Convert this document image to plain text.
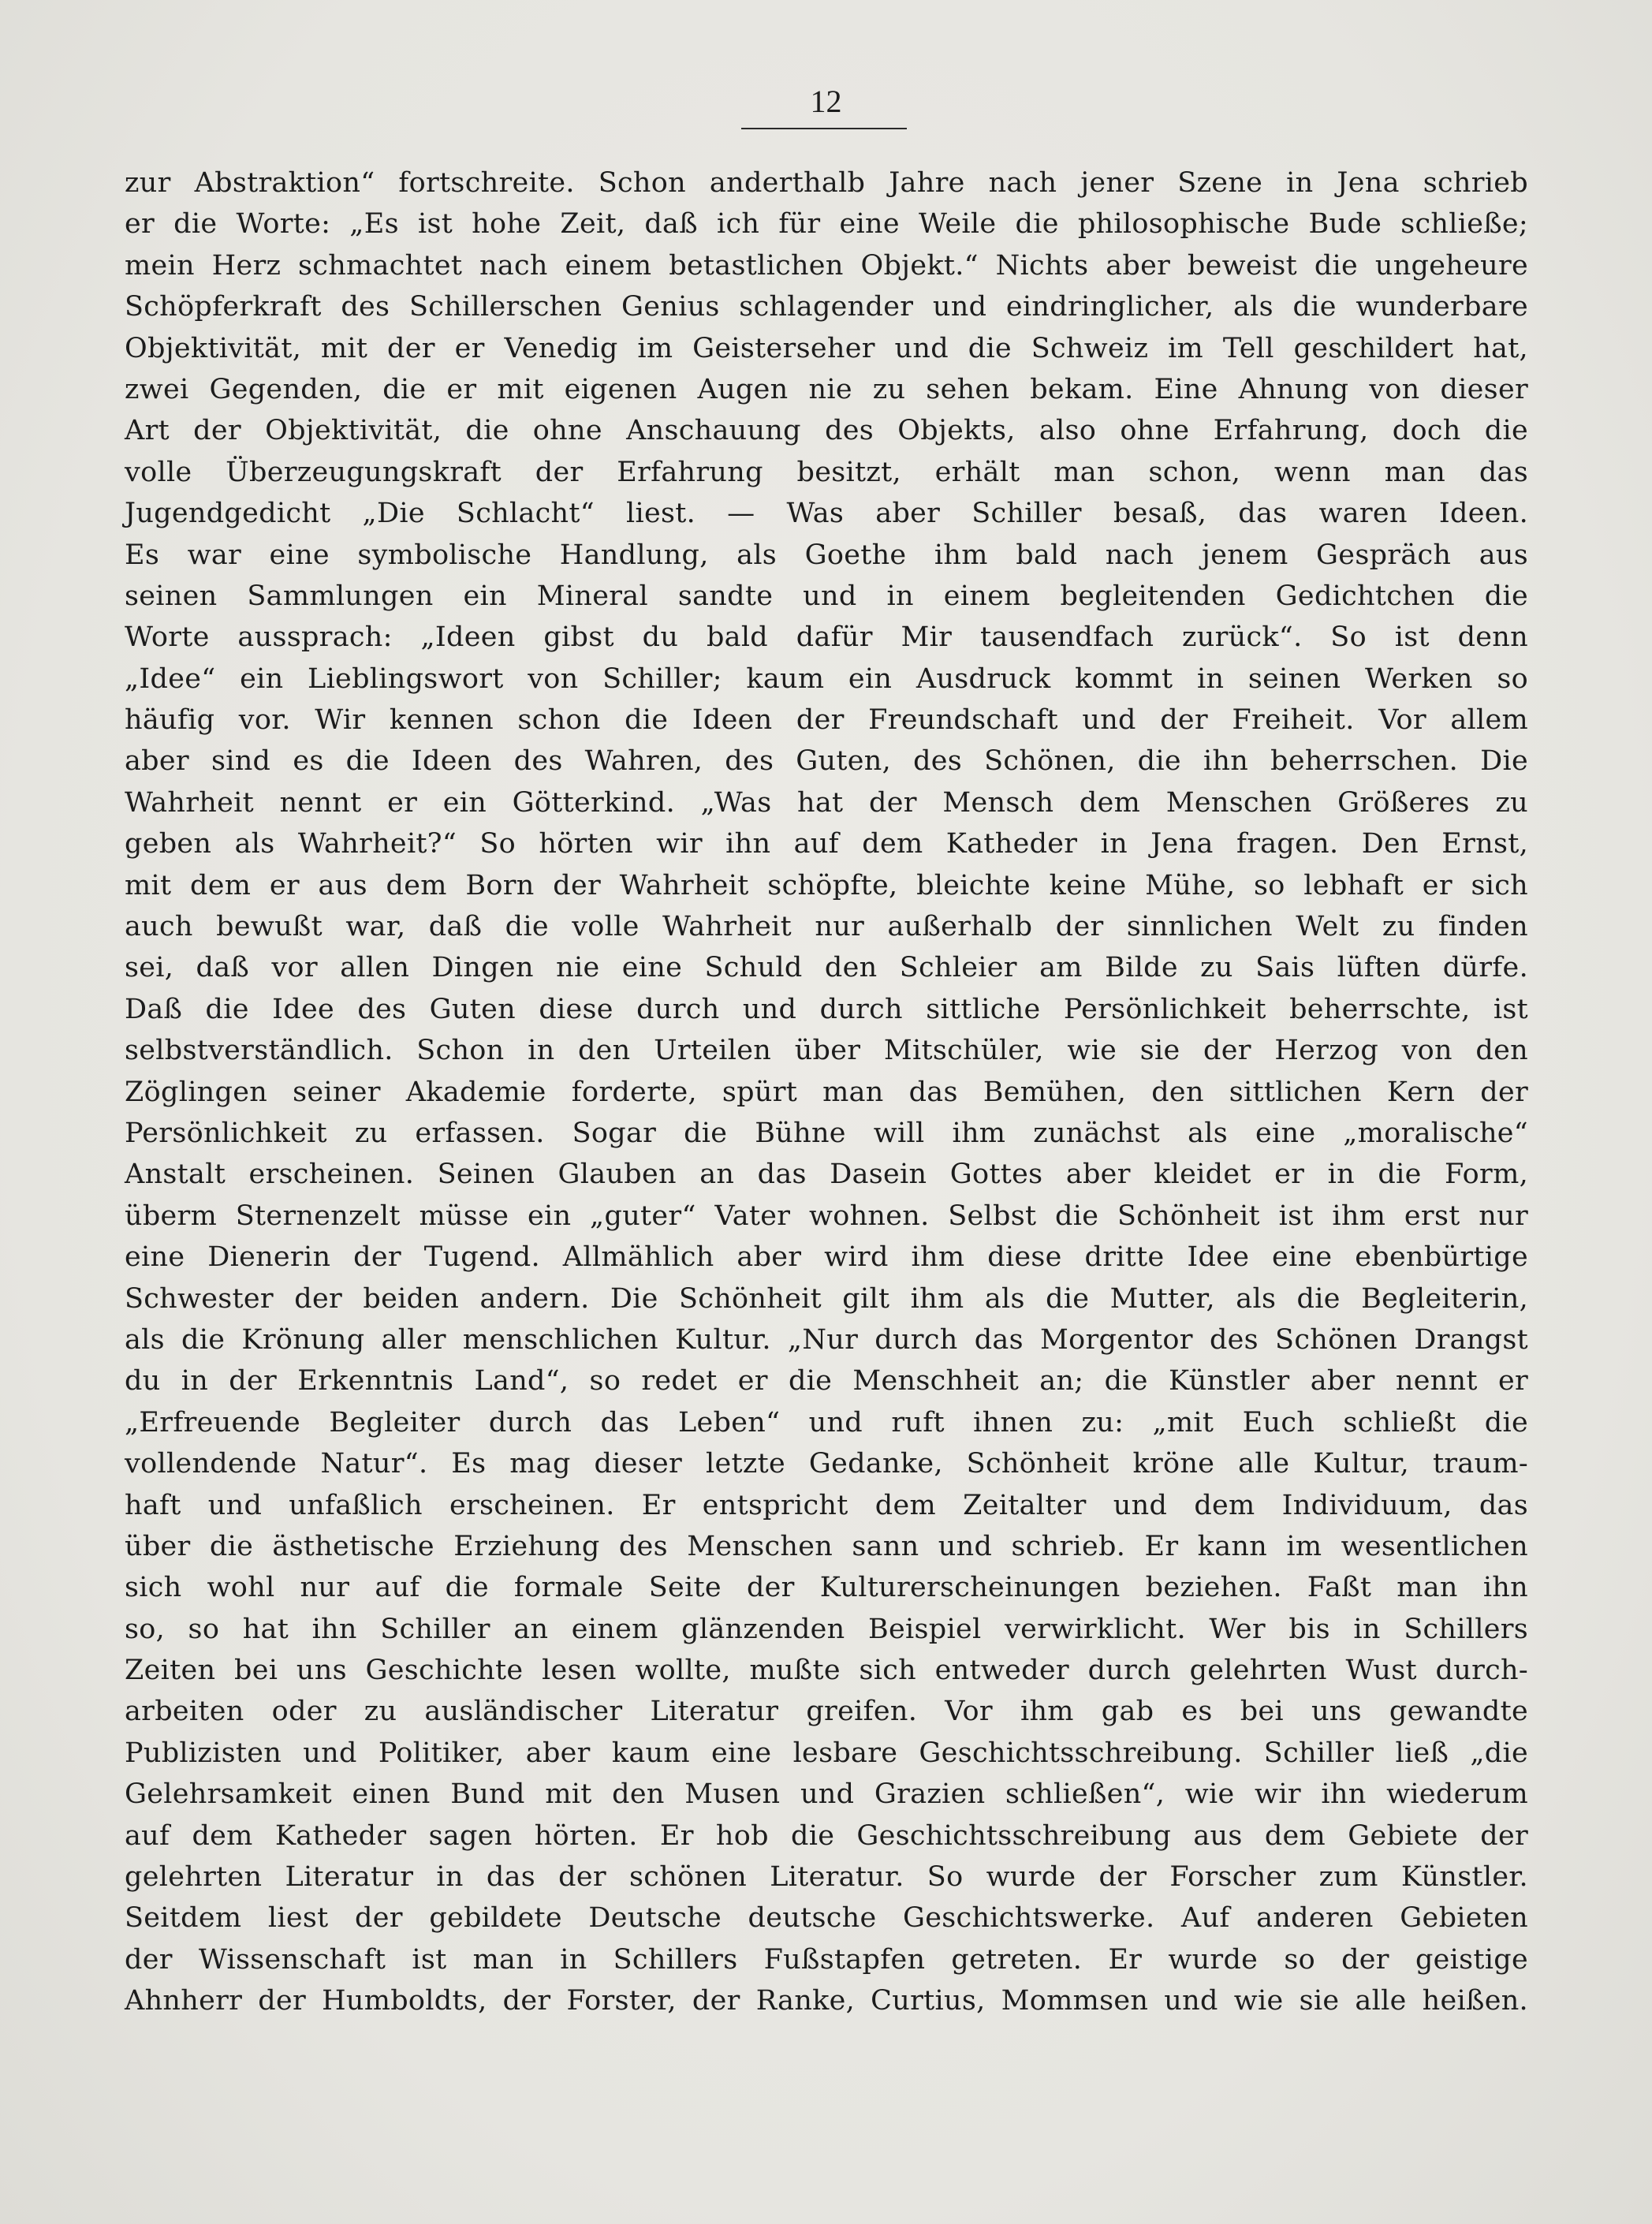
12
zur Abstraktion“ fortschreite. Schon anderthalb Jahre nach jener Szene in Jena schrieb
er die Worte: „Es ist hohe Zeit, daß ich für eine Weile die philosophische Bude schließe;
mein Herz schmachtet nach einem betastlichen Objekt.“ Nichts aber beweist die ungeheure
Schöpferkraft des Schillerschen Genius schlagender und eindringlicher, als die wunderbare
Objektivität, mit der er Venedig im Geisterseher und die Schweiz im Tell geschildert hat,
zwei Gegenden, die er mit eigenen Augen nie zu sehen bekam. Eine Ahnung von dieser
Art der Objektivität, die ohne Anschauung des Objekts, also ohne Erfahrung, doch die
volle Überzeugungskraft der Erfahrung besitzt, erhält man schon, wenn man das
Jugendgedicht „Die Schlacht“ liest. — Was aber Schiller besaß, das waren Ideen.
Es war eine symbolische Handlung, als Goethe ihm bald nach jenem Gespräch aus
seinen Sammlungen ein Mineral sandte und in einem begleitenden Gedichtchen die
Worte aussprach: „Ideen gibst du bald dafür Mir tausendfach zurück“. So ist denn
„Idee“ ein Lieblingswort von Schiller; kaum ein Ausdruck kommt in seinen Werken so
häufig vor. Wir kennen schon die Ideen der Freundschaft und der Freiheit. Vor allem
aber sind es die Ideen des Wahren, des Guten, des Schönen, die ihn beherrschen. Die
Wahrheit nennt er ein Götterkind. „Was hat der Mensch dem Menschen Größeres zu
geben als Wahrheit?“ So hörten wir ihn auf dem Katheder in Jena fragen. Den Ernst,
mit dem er aus dem Born der Wahrheit schöpfte, bleichte keine Mühe, so lebhaft er sich
auch bewußt war, daß die volle Wahrheit nur außerhalb der sinnlichen Welt zu finden
sei, daß vor allen Dingen nie eine Schuld den Schleier am Bilde zu Sais lüften dürfe.
Daß die Idee des Guten diese durch und durch sittliche Persönlichkeit beherrschte, ist
selbstverständlich. Schon in den Urteilen über Mitschüler, wie sie der Herzog von den
Zöglingen seiner Akademie forderte, spürt man das Bemühen, den sittlichen Kern der
Persönlichkeit zu erfassen. Sogar die Bühne will ihm zunächst als eine „moralische“
Anstalt erscheinen. Seinen Glauben an das Dasein Gottes aber kleidet er in die Form,
überm Sternenzelt müsse ein „guter“ Vater wohnen. Selbst die Schönheit ist ihm erst nur
eine Dienerin der Tugend. Allmählich aber wird ihm diese dritte Idee eine ebenbürtige
Schwester der beiden andern. Die Schönheit gilt ihm als die Mutter, als die Begleiterin,
als die Krönung aller menschlichen Kultur. „Nur durch das Morgentor des Schönen Drangst
du in der Erkenntnis Land“, so redet er die Menschheit an; die Künstler aber nennt er
„Erfreuende Begleiter durch das Leben“ und ruft ihnen zu: „mit Euch schließt die
vollendende Natur“. Es mag dieser letzte Gedanke, Schönheit kröne alle Kultur, traum-
haft und unfaßlich erscheinen. Er entspricht dem Zeitalter und dem Individuum, das
über die ästhetische Erziehung des Menschen sann und schrieb. Er kann im wesentlichen
sich wohl nur auf die formale Seite der Kulturerscheinungen beziehen. Faßt man ihn
so, so hat ihn Schiller an einem glänzenden Beispiel verwirklicht. Wer bis in Schillers
Zeiten bei uns Geschichte lesen wollte, mußte sich entweder durch gelehrten Wust durch-
arbeiten oder zu ausländischer Literatur greifen. Vor ihm gab es bei uns gewandte
Publizisten und Politiker, aber kaum eine lesbare Geschichtsschreibung. Schiller ließ „die
Gelehrsamkeit einen Bund mit den Musen und Grazien schließen“, wie wir ihn wiederum
auf dem Katheder sagen hörten. Er hob die Geschichtsschreibung aus dem Gebiete der
gelehrten Literatur in das der schönen Literatur. So wurde der Forscher zum Künstler.
Seitdem liest der gebildete Deutsche deutsche Geschichtswerke. Auf anderen Gebieten
der Wissenschaft ist man in Schillers Fußstapfen getreten. Er wurde so der geistige
Ahnherr der Humboldts, der Forster, der Ranke, Curtius, Mommsen und wie sie alle heißen.
